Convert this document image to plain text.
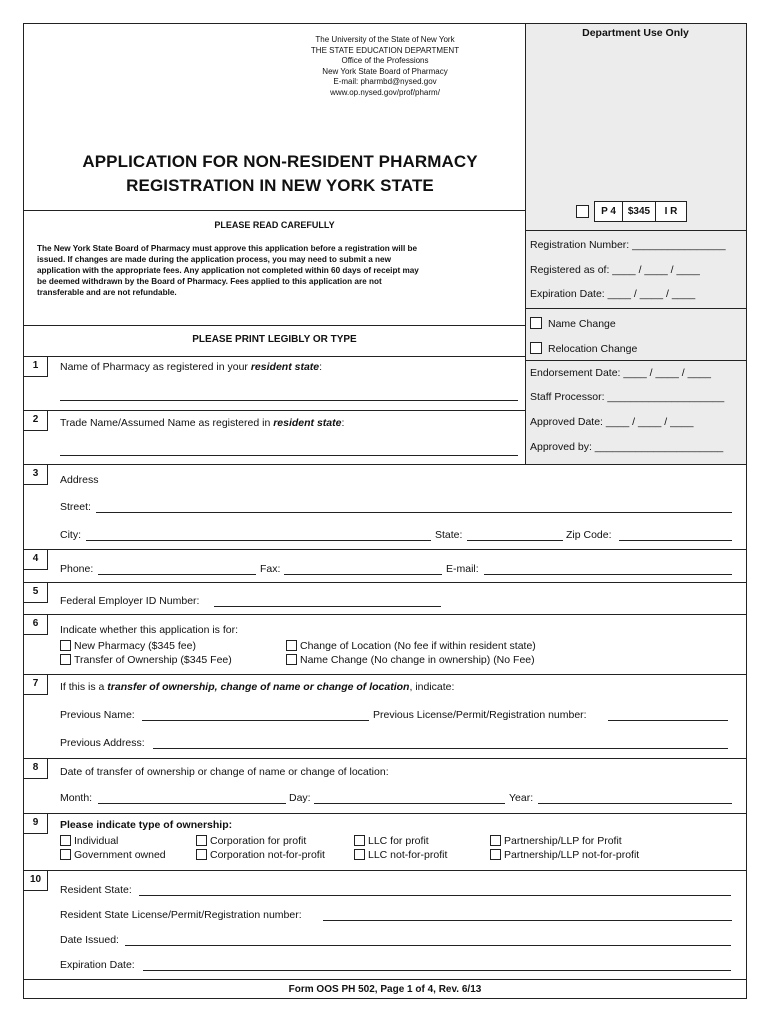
The University of the State of New York
THE STATE EDUCATION DEPARTMENT
Office of the Professions
New York State Board of Pharmacy
E-mail: pharmbd@nysed.gov
www.op.nysed.gov/prof/pharm/
APPLICATION FOR NON-RESIDENT PHARMACY
REGISTRATION IN NEW YORK STATE
Department Use Only
P 4	$345	I R
Registration Number: ________________
Registered as of: ____ / ____ / ____
Expiration Date: ____ / ____ / ____
Name Change
Relocation Change
Endorsement Date: ____ / ____ / ____
Staff Processor: ____________________
Approved Date: ____ / ____ / ____
Approved by: ______________________
PLEASE READ CAREFULLY
The New York State Board of Pharmacy must approve this application before a registration will be
issued. If changes are made during the application process, you may need to submit a new
application with the appropriate fees. Any application not completed within 60 days of receipt may
be deemed withdrawn by the Board of Pharmacy. Fees applied to this application are not
transferable and are not refundable.
PLEASE PRINT LEGIBLY OR TYPE
1	Name of Pharmacy as registered in your resident state:
2	Trade Name/Assumed Name as registered in resident state:
3
Address
Street:
City:	State:	Zip Code:
4
Phone:	Fax:	E-mail:
5
Federal Employer ID Number:
6
Indicate whether this application is for:
New Pharmacy ($345 fee)
Transfer of Ownership ($345 Fee)
Change of Location (No fee if within resident state)
Name Change (No change in ownership) (No Fee)
7	If this is a transfer of ownership, change of name or change of location, indicate:
Previous Name:	Previous License/Permit/Registration number:
Previous Address:
8	Date of transfer of ownership or change of name or change of location:
Month:	Day:	Year:
9	Please indicate type of ownership:
Individual
Government owned
Corporation for profit
Corporation not-for-profit
LLC for profit
LLC not-for-profit
Partnership/LLP for Profit
Partnership/LLP not-for-profit
10
Resident State:
Resident State License/Permit/Registration number:
Date Issued:
Expiration Date:
Form OOS PH 502, Page 1 of 4, Rev. 6/13
